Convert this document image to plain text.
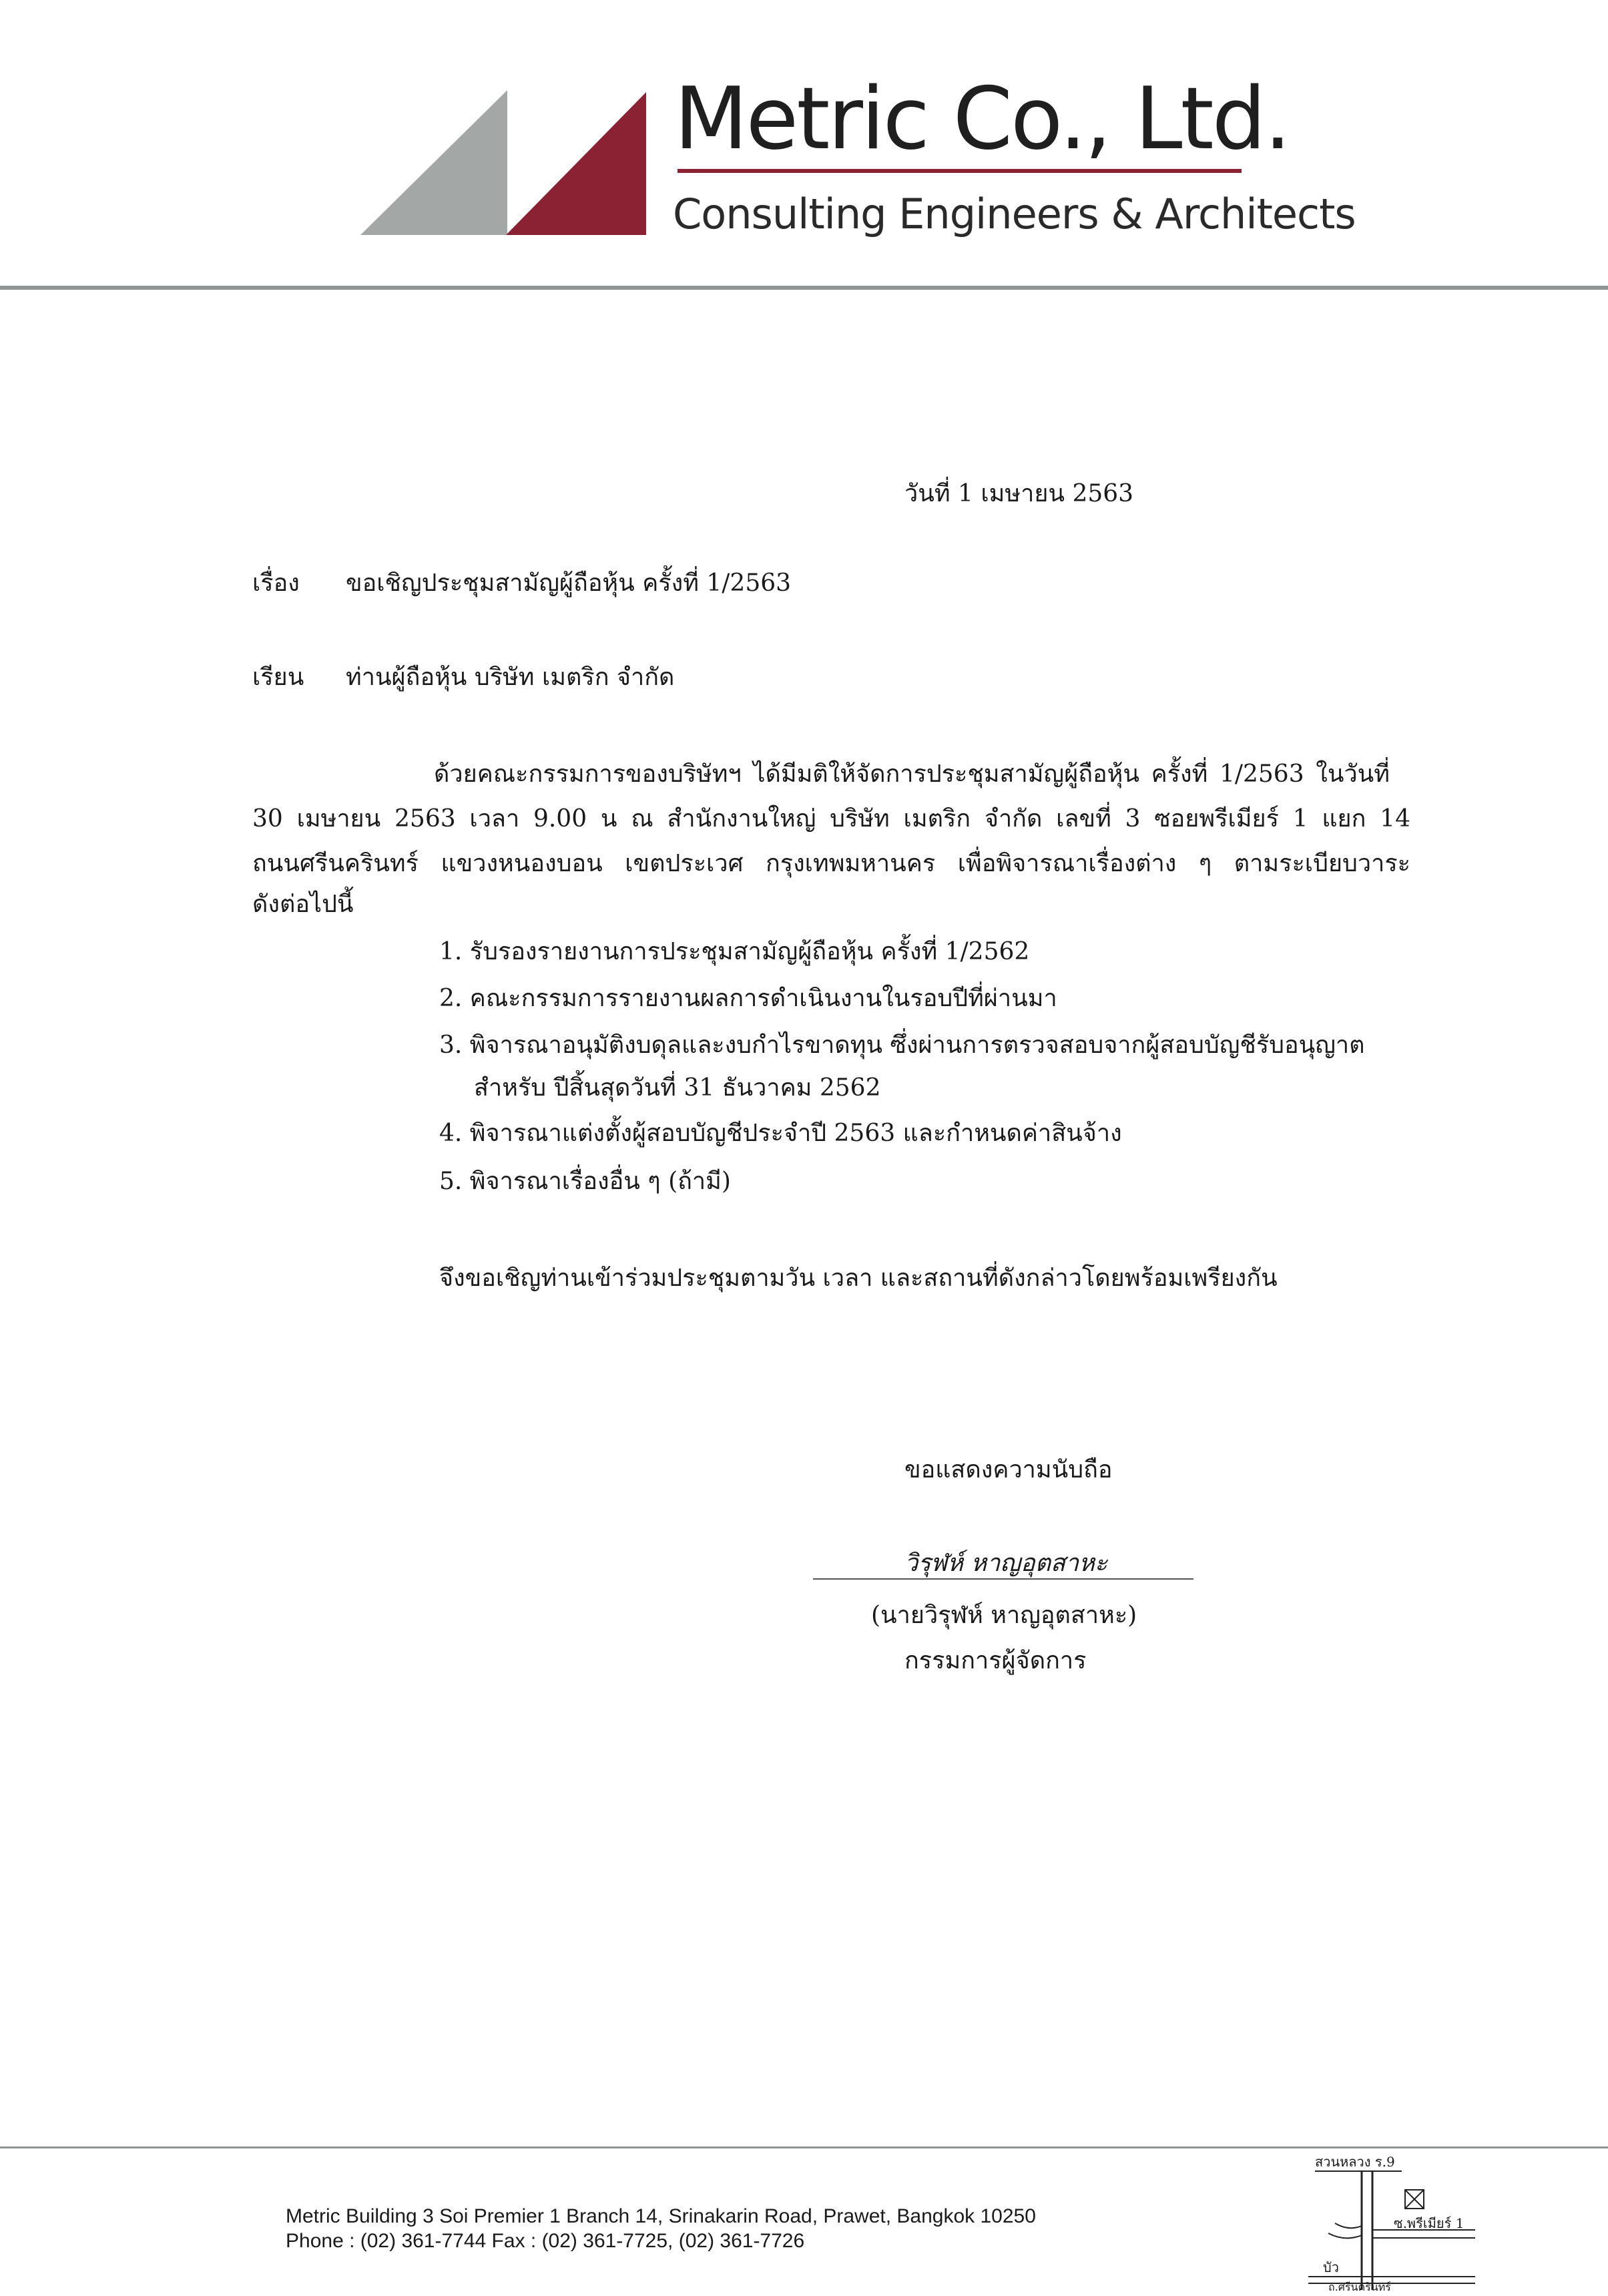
Metric Co., Ltd.
Consulting Engineers & Architects
วันที่ 1 เมษายน 2563
เรื่อง ขอเชิญประชุมสามัญผู้ถือหุ้น ครั้งที่ 1/2563
เรียน ท่านผู้ถือหุ้น บริษัท เมตริก จำกัด
ด้วยคณะกรรมการของบริษัทฯ ได้มีมติให้จัดการประชุมสามัญผู้ถือหุ้น ครั้งที่ 1/2563 ในวันที่
30 เมษายน 2563 เวลา 9.00 น ณ สำนักงานใหญ่ บริษัท เมตริก จำกัด เลขที่ 3 ซอยพรีเมียร์ 1 แยก 14
ถนนศรีนครินทร์ แขวงหนองบอน เขตประเวศ กรุงเทพมหานคร เพื่อพิจารณาเรื่องต่าง ๆ ตามระเบียบวาระ
ดังต่อไปนี้
1. รับรองรายงานการประชุมสามัญผู้ถือหุ้น ครั้งที่ 1/2562
2. คณะกรรมการรายงานผลการดำเนินงานในรอบปีที่ผ่านมา
3. พิจารณาอนุมัติงบดุลและงบกำไรขาดทุน ซึ่งผ่านการตรวจสอบจากผู้สอบบัญชีรับอนุญาต
สำหรับ ปีสิ้นสุดวันที่ 31 ธันวาคม 2562
4. พิจารณาแต่งตั้งผู้สอบบัญชีประจำปี 2563 และกำหนดค่าสินจ้าง
5. พิจารณาเรื่องอื่น ๆ (ถ้ามี)
จึงขอเชิญท่านเข้าร่วมประชุมตามวัน เวลา และสถานที่ดังกล่าวโดยพร้อมเพรียงกัน
ขอแสดงความนับถือ
วิรุฬห์ หาญอุตสาหะ
(นายวิรุฬห์ หาญอุตสาหะ)
กรรมการผู้จัดการ
Metric Building 3 Soi Premier 1 Branch 14, Srinakarin Road, Prawet, Bangkok 10250
Phone : (02) 361-7744 Fax : (02) 361-7725, (02) 361-7726
สวนหลวง ร.9
ซ.พรีเมียร์ 1
บัว
ถ.ศรีนครินทร์
